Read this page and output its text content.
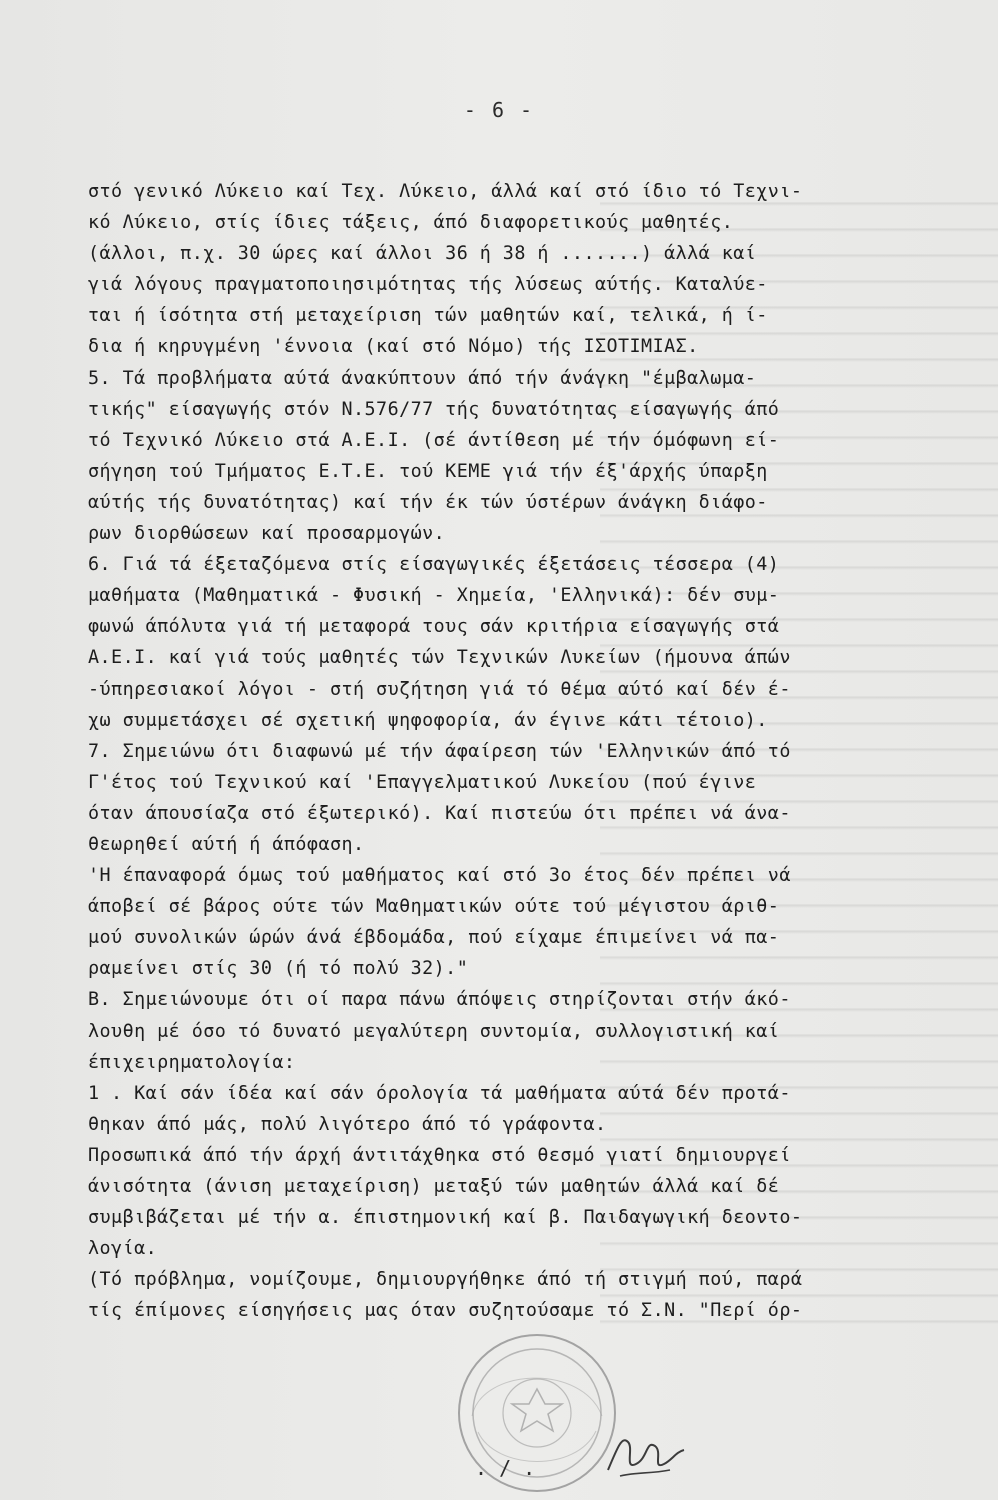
- 6 -
στό γενικό Λύκειο καί Τεχ. Λύκειο, άλλά καί στό ίδιο τό Τεχνι-
κό Λύκειο, στίς ίδιες τάξεις, άπό διαφορετικούς μαθητές.
(άλλοι, π.χ. 30 ώρες καί άλλοι 36 ή 38 ή .......) άλλά καί
γιά λόγους πραγματοποιησιμότητας τής λύσεως αύτής. Καταλύε-
ται ή ίσότητα στή μεταχείριση τών μαθητών καί, τελικά, ή ί-
δια ή κηρυγμένη 'έννοια (καί στό Νόμο) τής ΙΣΟΤΙΜΙΑΣ.
5. Τά προβλήματα αύτά άνακύπτουν άπό τήν άνάγκη "έμβαλωμα-
τικής" είσαγωγής στόν Ν.576/77 τής δυνατότητας είσαγωγής άπό
τό Τεχνικό Λύκειο στά Α.Ε.Ι. (σέ άντίθεση μέ τήν όμόφωνη εί-
σήγηση τού Τμήματος Ε.Τ.Ε. τού ΚΕΜΕ γιά τήν έξ'άρχής ύπαρξη
αύτής τής δυνατότητας) καί τήν έκ τών ύστέρων άνάγκη διάφο-
ρων διορθώσεων καί προσαρμογών.
6. Γιά τά έξεταζόμενα στίς είσαγωγικές έξετάσεις τέσσερα (4)
μαθήματα (Μαθηματικά - Φυσική - Χημεία, 'Ελληνικά): δέν συμ-
φωνώ άπόλυτα γιά τή μεταφορά τους σάν κριτήρια είσαγωγής στά
Α.Ε.Ι. καί γιά τούς μαθητές τών Τεχνικών Λυκείων (ήμουνα άπών
-ύπηρεσιακοί λόγοι - στή συζήτηση γιά τό θέμα αύτό καί δέν έ-
χω συμμετάσχει σέ σχετική ψηφοφορία, άν έγινε κάτι τέτοιο).
7. Σημειώνω ότι διαφωνώ μέ τήν άφαίρεση τών 'Ελληνικών άπό τό
Γ'έτος τού Τεχνικού καί 'Επαγγελματικού Λυκείου (πού έγινε
όταν άπουσίαζα στό έξωτερικό). Καί πιστεύω ότι πρέπει νά άνα-
θεωρηθεί αύτή ή άπόφαση.
'Η έπαναφορά όμως τού μαθήματος καί στό 3ο έτος δέν πρέπει νά
άποβεί σέ βάρος ούτε τών Μαθηματικών ούτε τού μέγιστου άριθ-
μού συνολικών ώρών άνά έβδομάδα, πού είχαμε έπιμείνει νά πα-
ραμείνει στίς 30 (ή τό πολύ 32)."
Β. Σημειώνουμε ότι οί παρα πάνω άπόψεις στηρίζονται στήν άκό-
λουθη μέ όσο τό δυνατό μεγαλύτερη συντομία, συλλογιστική καί
έπιχειρηματολογία:
1 . Καί σάν ίδέα καί σάν όρολογία τά μαθήματα αύτά δέν προτά-
θηκαν άπό μάς, πολύ λιγότερο άπό τό γράφοντα.
Προσωπικά άπό τήν άρχή άντιτάχθηκα στό θεσμό γιατί δημιουργεί
άνισότητα (άνιση μεταχείριση) μεταξύ τών μαθητών άλλά καί δέ
συμβιβάζεται μέ τήν α. έπιστημονική καί β. Παιδαγωγική δεοντο-
λογία.
(Τό πρόβλημα, νομίζουμε, δημιουργήθηκε άπό τή στιγμή πού, παρά
τίς έπίμονες είσηγήσεις μας όταν συζητούσαμε τό Σ.Ν. "Περί όρ-
. / .
